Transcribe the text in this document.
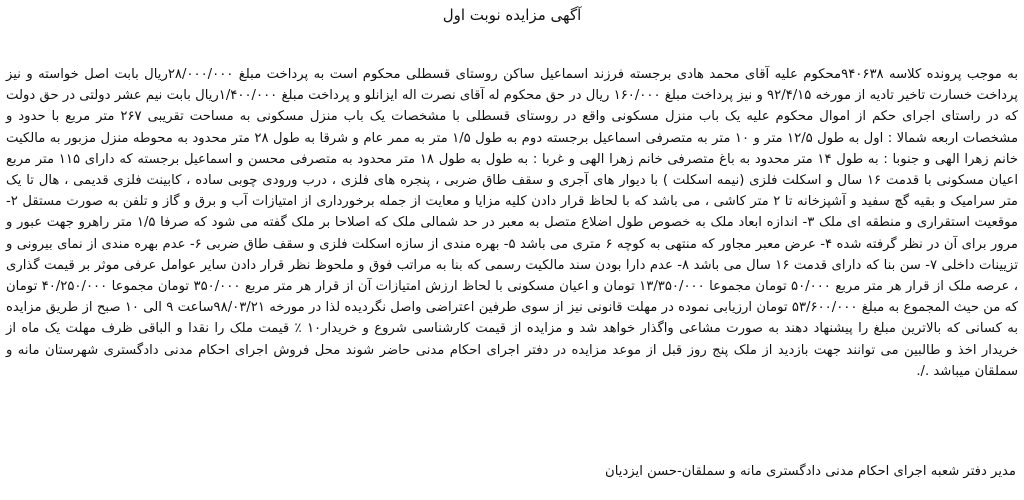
آگهی مزایده نوبت اول

به موجب پرونده کلاسه ۹۴۰۶۳۸محکوم علیه آقای محمد هادی برجسته فرزند اسماعیل ساکن روستای قسطلی محکوم است به پرداخت مبلغ ۲۸/۰۰۰/۰۰۰ریال بابت اصل خواسته و نیز پرداخت خسارت تاخیر تادیه از مورخه ۹۲/۴/۱۵ و نیز پرداخت مبلغ ۱۶۰/۰۰۰ ریال در حق محکوم له آقای نصرت اله ایزانلو و پرداخت مبلغ ۱/۴۰۰/۰۰۰ریال بابت نیم عشر دولتی در حق دولت که در راستای اجرای حکم از اموال محکوم علیه یک باب منزل مسکونی واقع در روستای قسطلی با مشخصات یک باب منزل مسکونی به مساحت تقریبی ۲۶۷ متر مربع با حدود و مشخصات اربعه شمالا : اول به طول ۱۲/۵ متر و ۱۰ متر به متصرفی اسماعیل برجسته دوم به طول ۱/۵ متر به ممر عام و شرقا به طول ۲۸ متر محدود به محوطه منزل مزبور به مالکیت خانم زهرا الهی و جنوبا : به طول ۱۴ متر محدود به باغ متصرفی خانم زهرا الهی و غربا : به طول به طول ۱۸ متر محدود به متصرفی محسن و اسماعیل برجسته که دارای ۱۱۵ متر مربع اعیان مسکونی با قدمت ۱۶ سال و اسکلت فلزی (نیمه اسکلت ) با دیوار های آجری و سقف طاق ضربی ، پنجره های فلزی ، درب ورودی چوبی ساده ، کابینت فلزی قدیمی ، هال تا یک متر سرامیک و بقیه گچ سفید و آشپزخانه تا ۲ متر کاشی ، می باشد که با لحاظ قرار دادن کلیه مزایا و معایت از جمله برخورداری از امتیازات آب و برق و گاز و تلفن به صورت مستقل ۲- موقعیت استقراری و منطقه ای ملک ۳- اندازه ابعاد ملک به خصوص طول اضلاع متصل به معبر در حد شمالی ملک که اصلاحا بر ملک گفته می شود که صرفا ۱/۵ متر راهرو جهت عبور و مرور برای آن در نظر گرفته شده ۴- عرض معبر مجاور که منتهی به کوچه ۶ متری می باشد ۵- بهره مندی از سازه اسکلت فلزی و سقف طاق ضربی ۶- عدم بهره مندی از نمای بیرونی و تزیینات داخلی ۷- سن بنا که دارای قدمت ۱۶ سال می باشد ۸- عدم دارا بودن سند مالکیت رسمی که بنا به مراتب فوق و ملحوظ نظر قرار دادن سایر عوامل عرفی موثر بر قیمت گذاری ، عرصه ملک از قرار هر متر مربع ۵۰/۰۰۰ تومان مجموعا ۱۳/۳۵۰/۰۰۰ تومان و اعیان مسکونی با لحاظ ارزش امتیازات آن از قرار هر متر مربع ۳۵۰/۰۰۰ تومان مجموعا ۴۰/۲۵۰/۰۰۰ تومان که من حیث المجموع به مبلغ ۵۳/۶۰۰/۰۰۰ تومان ارزیابی نموده در مهلت قانونی نیز از سوی طرفین اعتراضی واصل نگردیده لذا در مورخه ۹۸/۰۳/۲۱ساعت ۹ الی ۱۰ صبح از طریق مزایده به کسانی که بالاترین مبلغ را پیشنهاد دهند به صورت مشاعی واگذار خواهد شد و مزایده از قیمت کارشناسی شروع و خریدار۱۰ ٪ قیمت ملک را نقدا و الباقی ظرف مهلت یک ماه از خریدار اخذ و طالبین می توانند جهت بازدید از ملک پنج روز قبل از موعد مزایده در دفتر اجرای احکام مدنی حاضر شوند محل فروش اجرای احکام مدنی دادگستری شهرستان مانه و سملقان میباشد ./.

مدیر دفتر شعبه اجرای احکام مدنی دادگستری مانه و سملقان-حسن ایزدیان
